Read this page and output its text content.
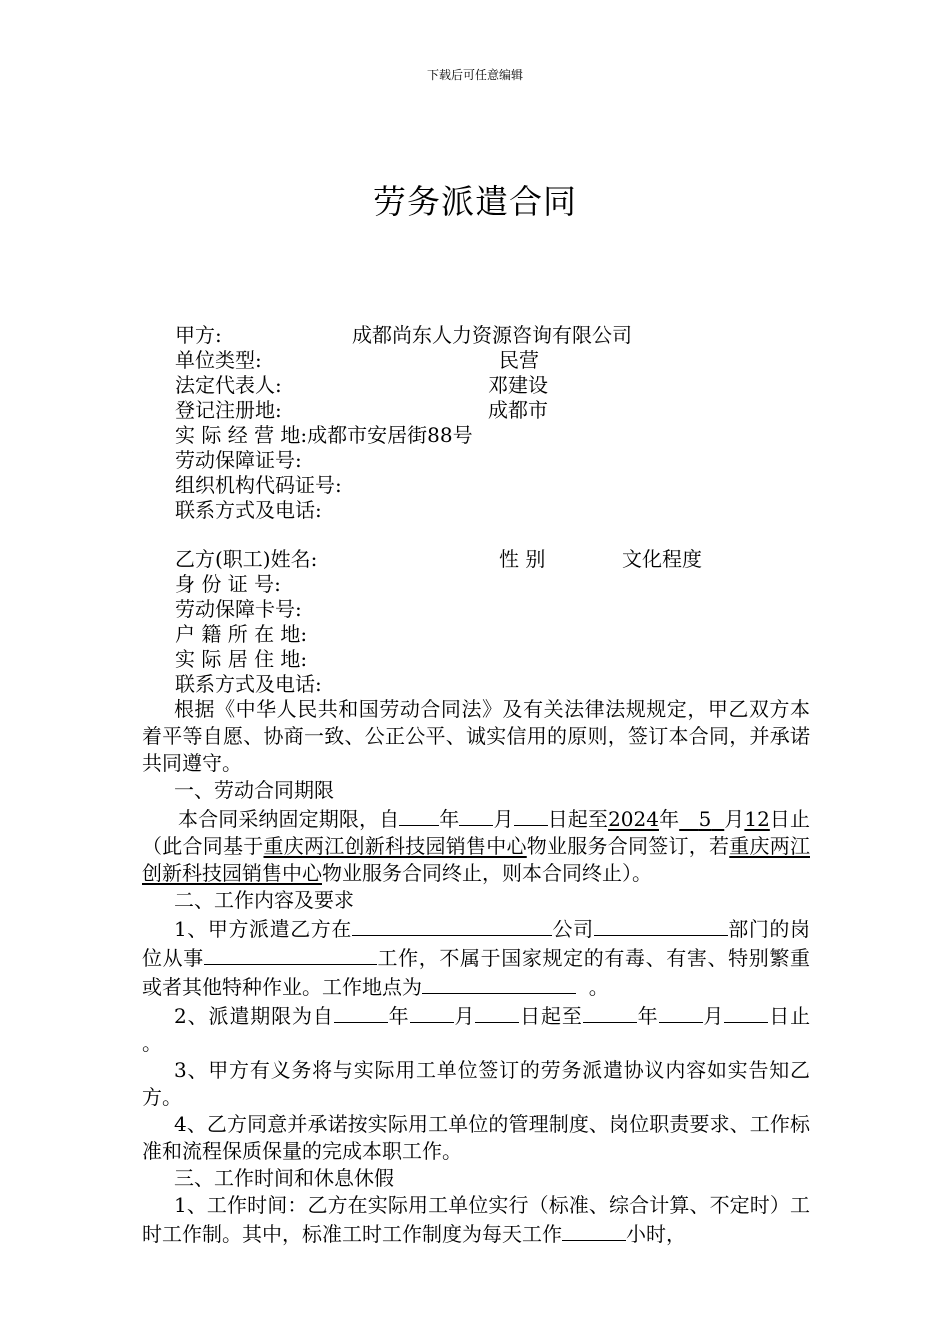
下载后可任意编辑
劳务派遣合同
甲方:	成都尚东人力资源咨询有限公司
单位类型:	民营
法定代表人:	邓建设
登记注册地:	成都市
实 际 经 营 地:成都市安居街88号
劳动保障证号:
组织机构代码证号:
联系方式及电话:
乙方(职工)姓名:	性 别	文化程度
身 份 证 号:
劳动保障卡号:
户 籍 所 在 地:
实 际 居 住 地:
联系方式及电话:

根据《中华人民共和国劳动合同法》及有关法律法规规定，甲乙双方本着平等自愿、协商一致、公正公平、诚实信用的原则，签订本合同，并承诺共同遵守。

一、劳动合同期限

本合同采纳固定期限，自 年 月 日起至2024年 5 月12日止（此合同基于重庆两江创新科技园销售中心物业服务合同签订，若重庆两江创新科技园销售中心物业服务合同终止，则本合同终止）。

二、工作内容及要求

1、甲方派遣乙方在	公司	部门的岗位从事	工作，不属于国家规定的有毒、有害、特别繁重或者其他特种作业。工作地点为	。

2、派遣期限为自	年 月 日起至	年 月 日止 。

3、甲方有义务将与实际用工单位签订的劳务派遣协议内容如实告知乙方。

4、乙方同意并承诺按实际用工单位的管理制度、岗位职责要求、工作标准和流程保质保量的完成本职工作。

三、工作时间和休息休假

1、工作时间：乙方在实际用工单位实行（标准、综合计算、不定时）工时工作制。其中，标准工时工作制度为每天工作	小时，
